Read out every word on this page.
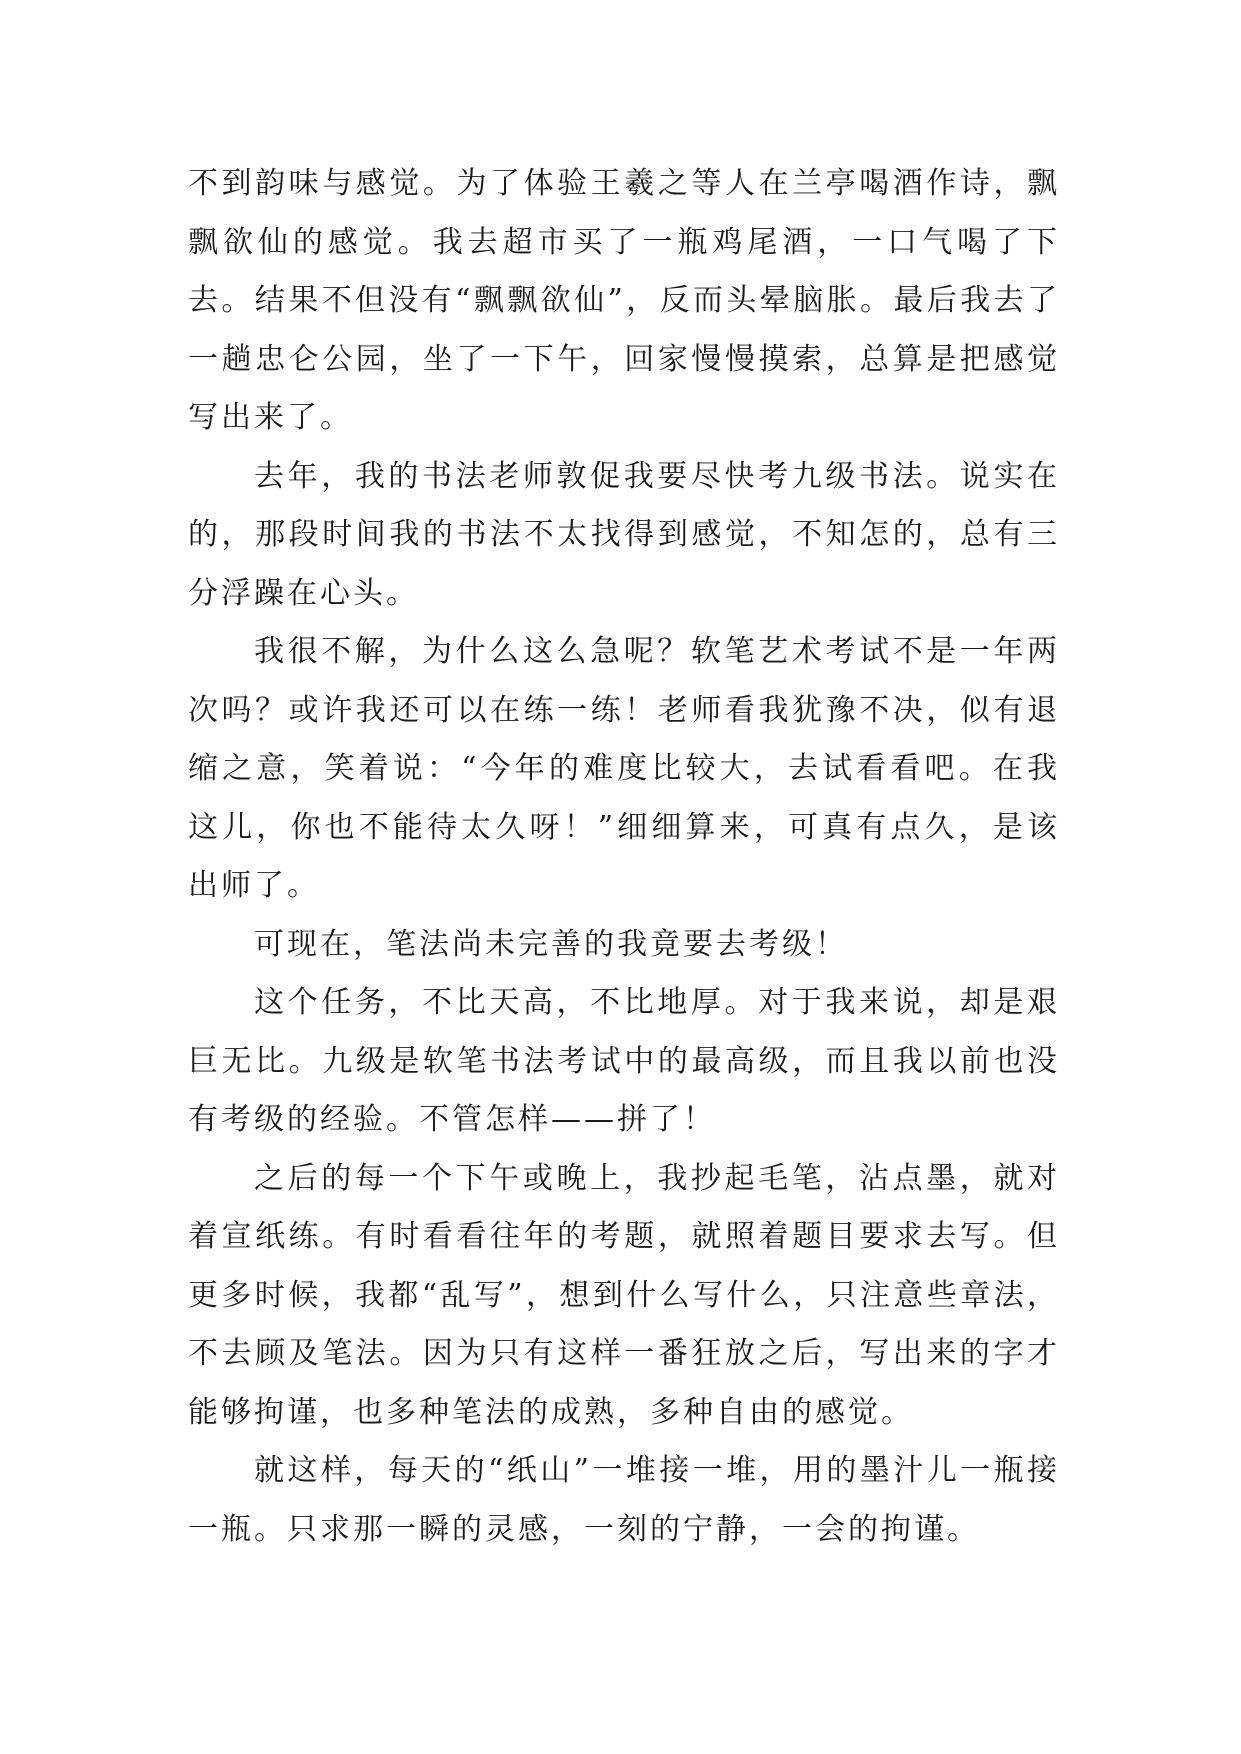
不到韵味与感觉。为了体验王羲之等人在兰亭喝酒作诗，飘飘欲仙的感觉。我去超市买了一瓶鸡尾酒，一口气喝了下去。结果不但没有“飘飘欲仙”，反而头晕脑胀。最后我去了一趟忠仑公园，坐了一下午，回家慢慢摸索，总算是把感觉写出来了。

去年，我的书法老师敦促我要尽快考九级书法。说实在的，那段时间我的书法不太找得到感觉，不知怎的，总有三分浮躁在心头。

我很不解，为什么这么急呢？软笔艺术考试不是一年两次吗？或许我还可以在练一练！老师看我犹豫不决，似有退缩之意，笑着说：“今年的难度比较大，去试看看吧。在我这儿，你也不能待太久呀！”细细算来，可真有点久，是该出师了。

可现在，笔法尚未完善的我竟要去考级！

这个任务，不比天高，不比地厚。对于我来说，却是艰巨无比。九级是软笔书法考试中的最高级，而且我以前也没有考级的经验。不管怎样——拼了！

之后的每一个下午或晚上，我抄起毛笔，沾点墨，就对着宣纸练。有时看看往年的考题，就照着题目要求去写。但更多时候，我都“乱写”，想到什么写什么，只注意些章法，不去顾及笔法。因为只有这样一番狂放之后，写出来的字才能够拘谨，也多种笔法的成熟，多种自由的感觉。

就这样，每天的“纸山”一堆接一堆，用的墨汁儿一瓶接一瓶。只求那一瞬的灵感，一刻的宁静，一会的拘谨。
